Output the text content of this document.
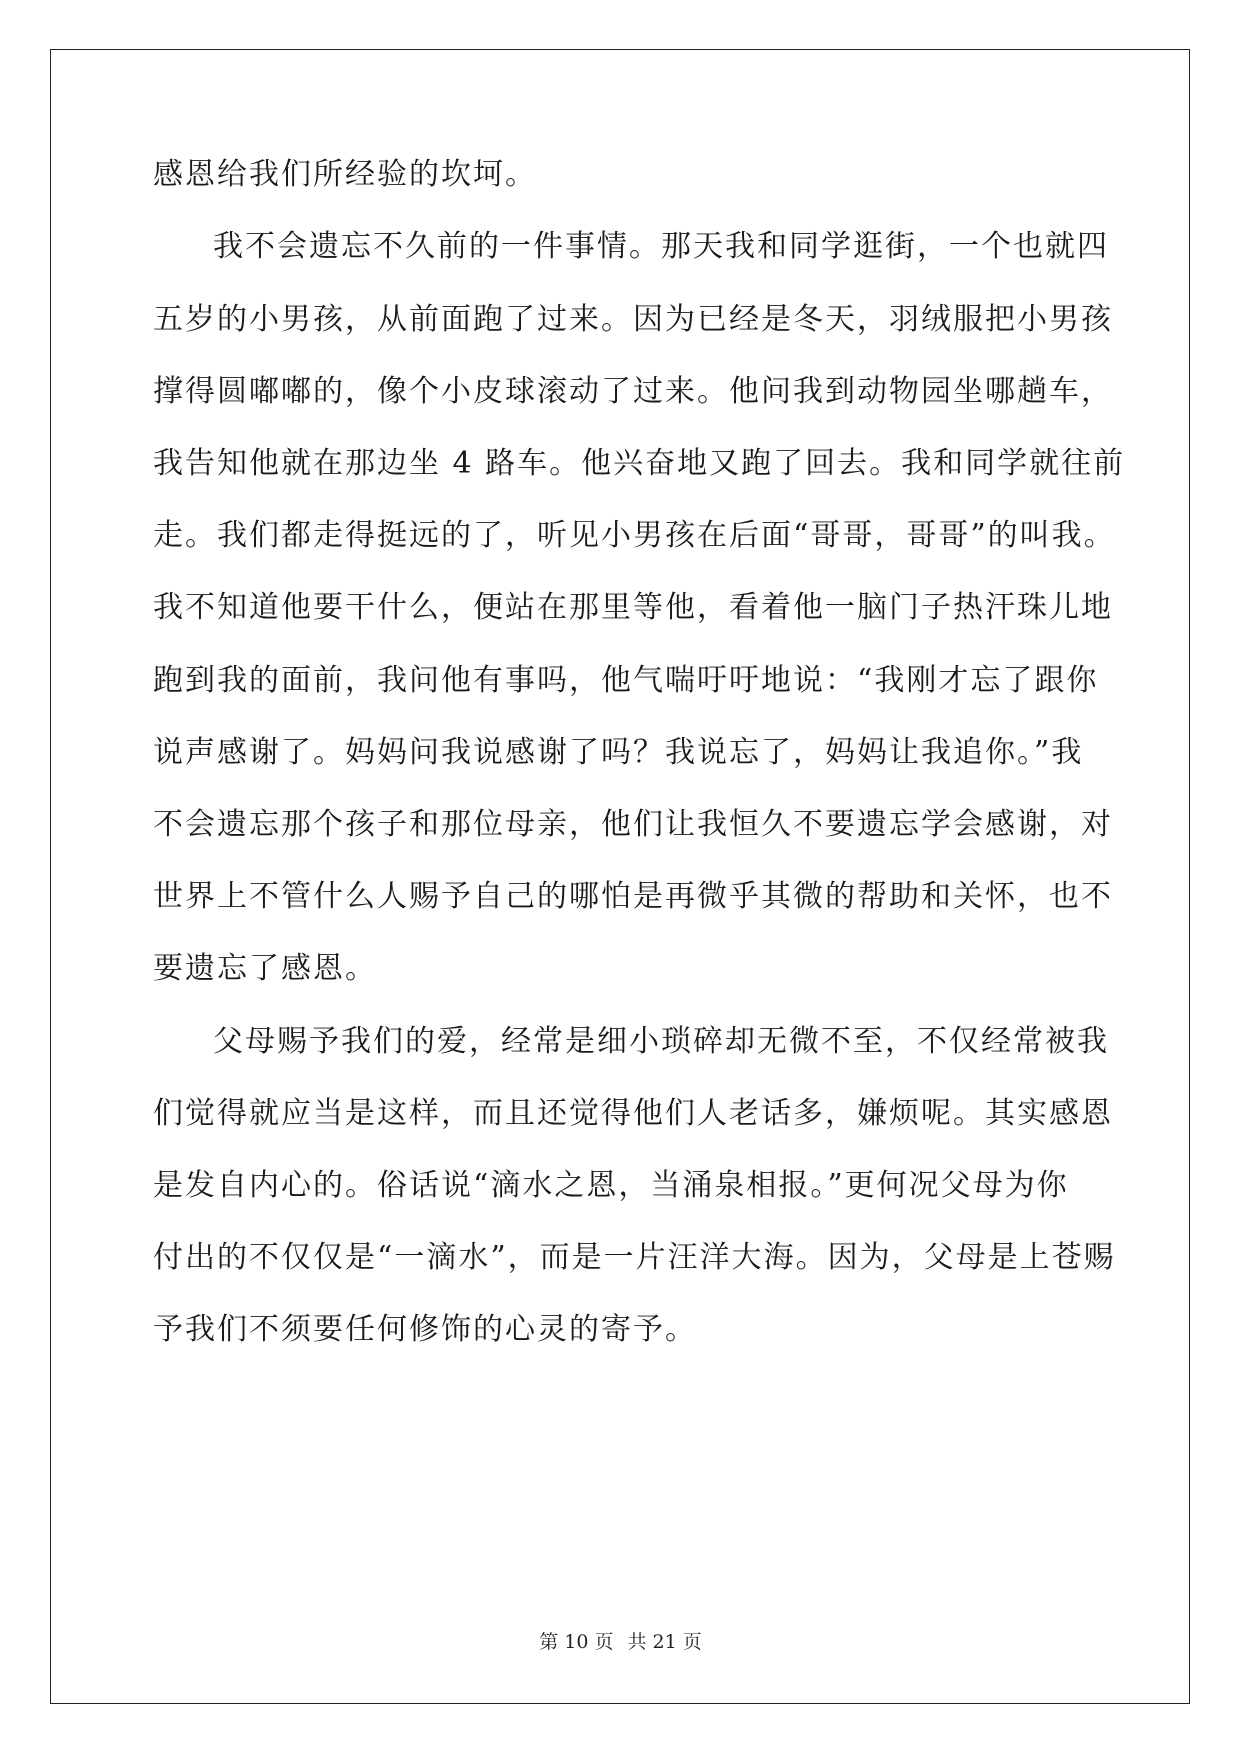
感恩给我们所经验的坎坷。
我不会遗忘不久前的一件事情。那天我和同学逛街，一个也就四
五岁的小男孩，从前面跑了过来。因为已经是冬天，羽绒服把小男孩
撑得圆嘟嘟的，像个小皮球滚动了过来。他问我到动物园坐哪趟车，
我告知他就在那边坐 4 路车。他兴奋地又跑了回去。我和同学就往前
走。我们都走得挺远的了，听见小男孩在后面“哥哥，哥哥”的叫我。
我不知道他要干什么，便站在那里等他，看着他一脑门子热汗珠儿地
跑到我的面前，我问他有事吗，他气喘吁吁地说：“我刚才忘了跟你
说声感谢了。妈妈问我说感谢了吗？我说忘了，妈妈让我追你。”我
不会遗忘那个孩子和那位母亲，他们让我恒久不要遗忘学会感谢，对
世界上不管什么人赐予自己的哪怕是再微乎其微的帮助和关怀，也不
要遗忘了感恩。
父母赐予我们的爱，经常是细小琐碎却无微不至，不仅经常被我
们觉得就应当是这样，而且还觉得他们人老话多，嫌烦呢。其实感恩
是发自内心的。俗话说“滴水之恩，当涌泉相报。”更何况父母为你
付出的不仅仅是“一滴水”，而是一片汪洋大海。因为，父母是上苍赐
予我们不须要任何修饰的心灵的寄予。
第 10 页 共 21 页
